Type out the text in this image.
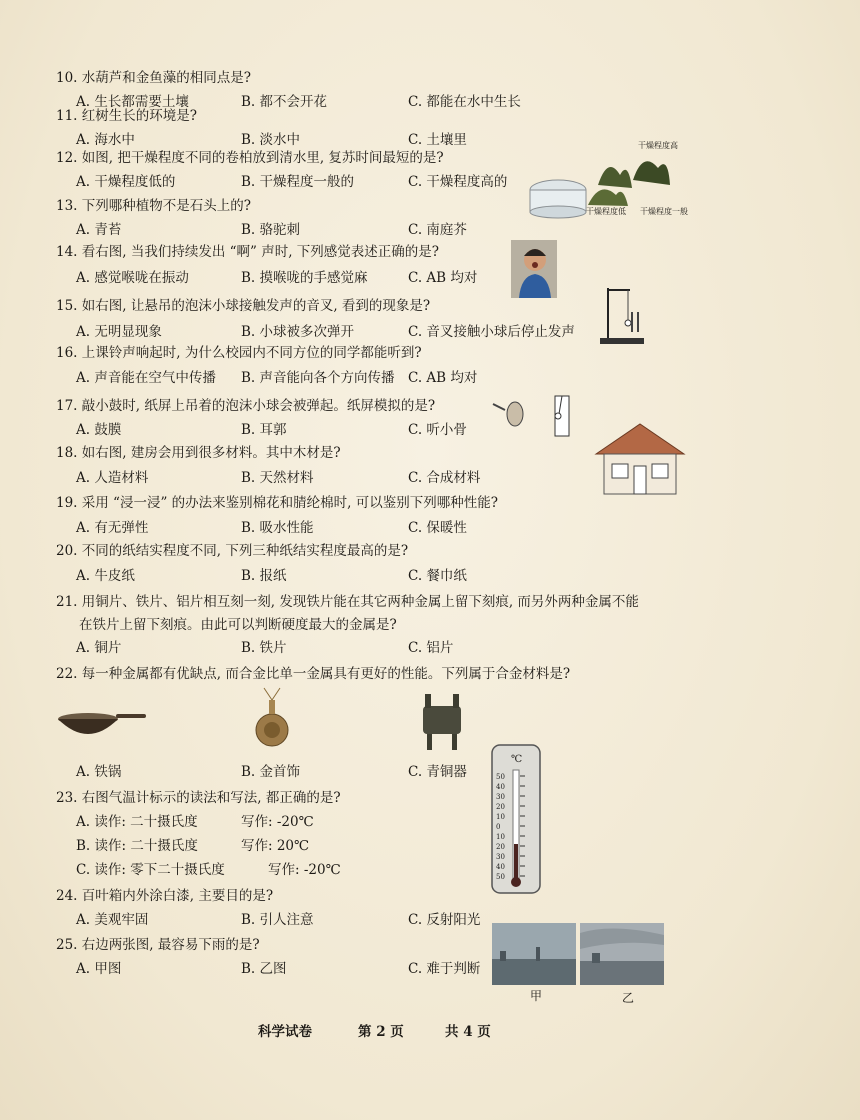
10. 水葫芦和金鱼藻的相同点是?
A. 生长都需要土壤	B. 都不会开花	C. 都能在水中生长
11. 红树生长的环境是?
A. 海水中	B. 淡水中	C. 土壤里
12. 如图, 把干燥程度不同的卷柏放到清水里, 复苏时间最短的是?
A. 干燥程度低的	B. 干燥程度一般的	C. 干燥程度高的
13. 下列哪种植物不是石头上的?
A. 青苔	B. 骆驼刺	C. 南庭芥
14. 看右图, 当我们持续发出 “啊” 声时, 下列感觉表述正确的是?
A. 感觉喉咙在振动	B. 摸喉咙的手感觉麻	C. AB 均对
15. 如右图, 让悬吊的泡沫小球接触发声的音叉, 看到的现象是?
A. 无明显现象	B. 小球被多次弹开	C. 音叉接触小球后停止发声
16. 上课铃声响起时, 为什么校园内不同方位的同学都能听到?
A. 声音能在空气中传播 B. 声音能向各个方向传播 C. AB 均对
17. 敲小鼓时, 纸屏上吊着的泡沫小球会被弹起。纸屏模拟的是?
A. 鼓膜	B. 耳郭	C. 听小骨
18. 如右图, 建房会用到很多材料。其中木材是?
A. 人造材料	B. 天然材料	C. 合成材料
19. 采用 “浸一浸” 的办法来鉴别棉花和腈纶棉时, 可以鉴别下列哪种性能?
A. 有无弹性	B. 吸水性能	C. 保暖性
20. 不同的纸结实程度不同, 下列三种纸结实程度最高的是?
A. 牛皮纸	B. 报纸	C. 餐巾纸
21. 用铜片、铁片、铝片相互刻一刻, 发现铁片能在其它两种金属上留下刻痕, 而另外两种金属不能
在铁片上留下刻痕。由此可以判断硬度最大的金属是?
A. 铜片	B. 铁片	C. 铝片
22. 每一种金属都有优缺点, 而合金比单一金属具有更好的性能。下列属于合金材料是?
A. 铁锅	B. 金首饰	C. 青铜器
23. 右图气温计标示的读法和写法, 都正确的是?
A. 读作: 二十摄氏度	写作: -20℃
B. 读作: 二十摄氏度	写作: 20℃
C. 读作: 零下二十摄氏度	写作: -20℃
24. 百叶箱内外涂白漆, 主要目的是?
A. 美观牢固	B. 引人注意	C. 反射阳光
25. 右边两张图, 最容易下雨的是?
A. 甲图	B. 乙图	C. 难于判断
干燥程度高
干燥程度低 干燥程度一般
50
40
30
20
10
0
10
20
30
40
50
℃
甲	乙
科学试卷	第 2 页	共 4 页
